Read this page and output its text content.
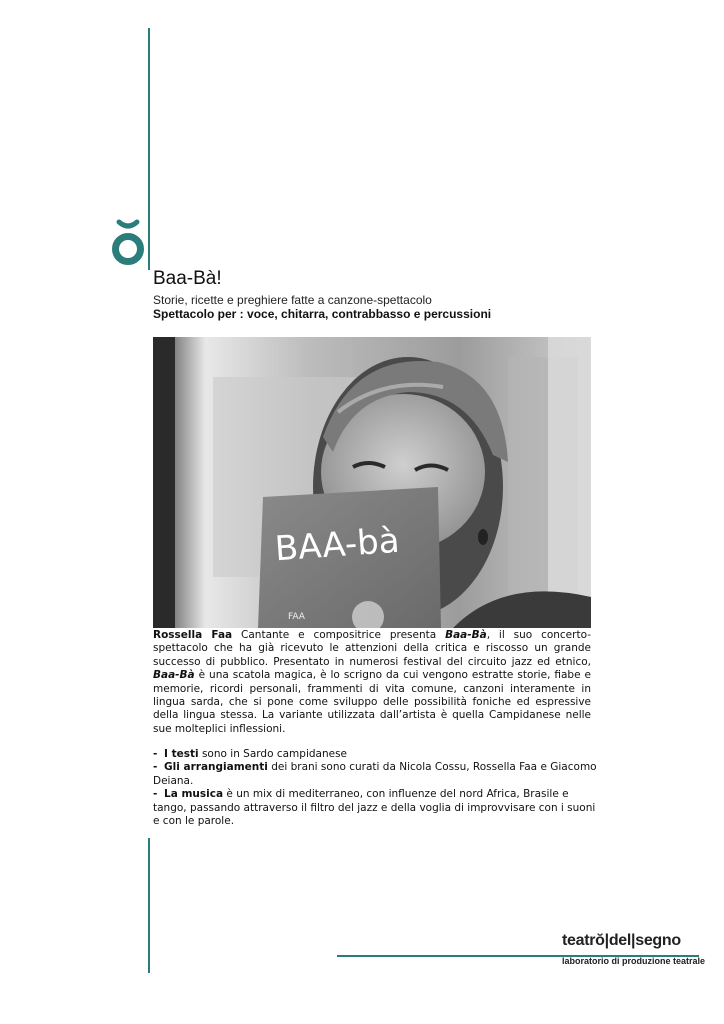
Baa-Bà!
Storie, ricette e preghiere fatte a canzone-spettacolo
Spettacolo per : voce, chitarra, contrabbasso e percussioni
BAA-bà
FAA

Rossella Faa Cantante e compositrice presenta Baa-Bà, il suo concerto-spettacolo che ha già ricevuto le attenzioni della critica e riscosso un grande successo di pubblico. Presentato in numerosi festival del circuito jazz ed etnico, Baa-Bà è una scatola magica, è lo scrigno da cui vengono estratte storie, fiabe e memorie, ricordi personali, frammenti di vita comune, canzoni interamente in lingua sarda, che si pone come sviluppo delle possibilità foniche ed espressive della lingua stessa. La variante utilizzata dall’artista è quella Campidanese nelle sue molteplici inflessioni.

- I testi sono in Sardo campidanese

- Gli arrangiamenti dei brani sono curati da Nicola Cossu, Rossella Faa e Giacomo Deiana.

- La musica è un mix di mediterraneo, con influenze del nord Africa, Brasile e tango, passando attraverso il filtro del jazz e della voglia di improvvisare con i suoni e con le parole.

teatrŏ|del|segno
laboratorio di produzione teatrale
